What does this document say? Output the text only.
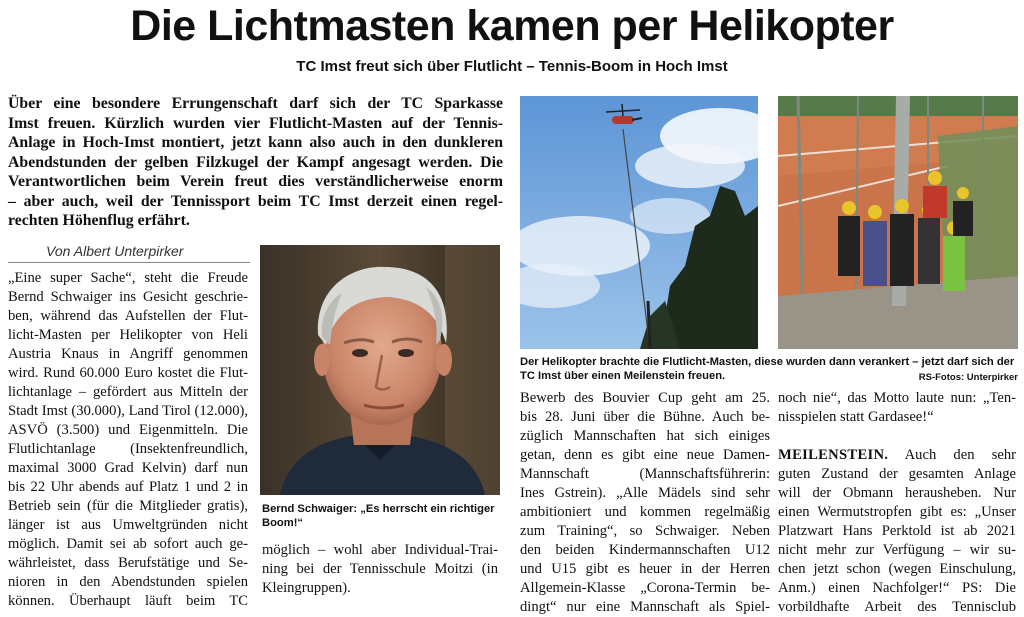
Die Lichtmasten kamen per Helikopter
TC Imst freut sich über Flutlicht – Tennis-Boom in Hoch Imst
Über eine besondere Errungenschaft darf sich der TC Sparkasse
Imst freuen. Kürzlich wurden vier Flutlicht-Masten auf der Tennis-
Anlage in Hoch-Imst montiert, jetzt kann also auch in den dunkleren
Abendstunden der gelben Filzkugel der Kampf angesagt werden. Die
Verantwortlichen beim Verein freut dies verständlicherweise enorm
– aber auch, weil der Tennissport beim TC Imst derzeit einen regel-
rechten Höhenflug erfährt.
Von Albert Unterpirker
„Eine super Sache“, steht die Freude
Bernd Schwaiger ins Gesicht geschrie-
ben, während das Aufstellen der Flut-
licht-Masten per Helikopter von Heli
Austria Knaus in Angriff genommen
wird. Rund 60.000 Euro kostet die Flut-
lichtanlage – gefördert aus Mitteln der
Stadt Imst (30.000), Land Tirol (12.000),
ASVÖ (3.500) und Eigenmitteln. Die
Flutlichtanlage (Insektenfreundlich,
maximal 3000 Grad Kelvin) darf nun
bis 22 Uhr abends auf Platz 1 und 2 in
Betrieb sein (für die Mitglieder gratis),
länger ist aus Umweltgründen nicht
möglich. Damit sei ab sofort auch ge-
währleistet, dass Berufstätige und Se-
nioren in den Abendstunden spielen
können. Überhaupt läuft beim TC
Bernd Schwaiger: „Es herrscht ein richtiger Boom!“
möglich – wohl aber Individual-Trai-
ning bei der Tennisschule Moitzi (in
Kleingruppen).
Der Helikopter brachte die Flutlicht-Masten, diese wurden dann verankert – jetzt darf sich der TC Imst über einen Meilenstein freuen.	RS-Fotos: Unterpirker
Bewerb des Bouvier Cup geht am 25.
bis 28. Juni über die Bühne. Auch be-
züglich Mannschaften hat sich einiges
getan, denn es gibt eine neue Damen-
Mannschaft (Mannschaftsführerin:
Ines Gstrein). „Alle Mädels sind sehr
ambitioniert und kommen regelmäßig
zum Training“, so Schwaiger. Neben
den beiden Kindermannschaften U12
und U15 gibt es heuer in der Herren
Allgemein-Klasse „Corona-Termin be-
dingt“ nur eine Mannschaft als Spiel-
noch nie“, das Motto laute nun: „Ten-
nisspielen statt Gardasee!“
MEILENSTEIN. Auch den sehr
guten Zustand der gesamten Anlage
will der Obmann herausheben. Nur
einen Wermutstropfen gibt es: „Unser
Platzwart Hans Perktold ist ab 2021
nicht mehr zur Verfügung – wir su-
chen jetzt schon (wegen Einschulung,
Anm.) einen Nachfolger!“ PS: Die
vorbildhafte Arbeit des Tennisclub
